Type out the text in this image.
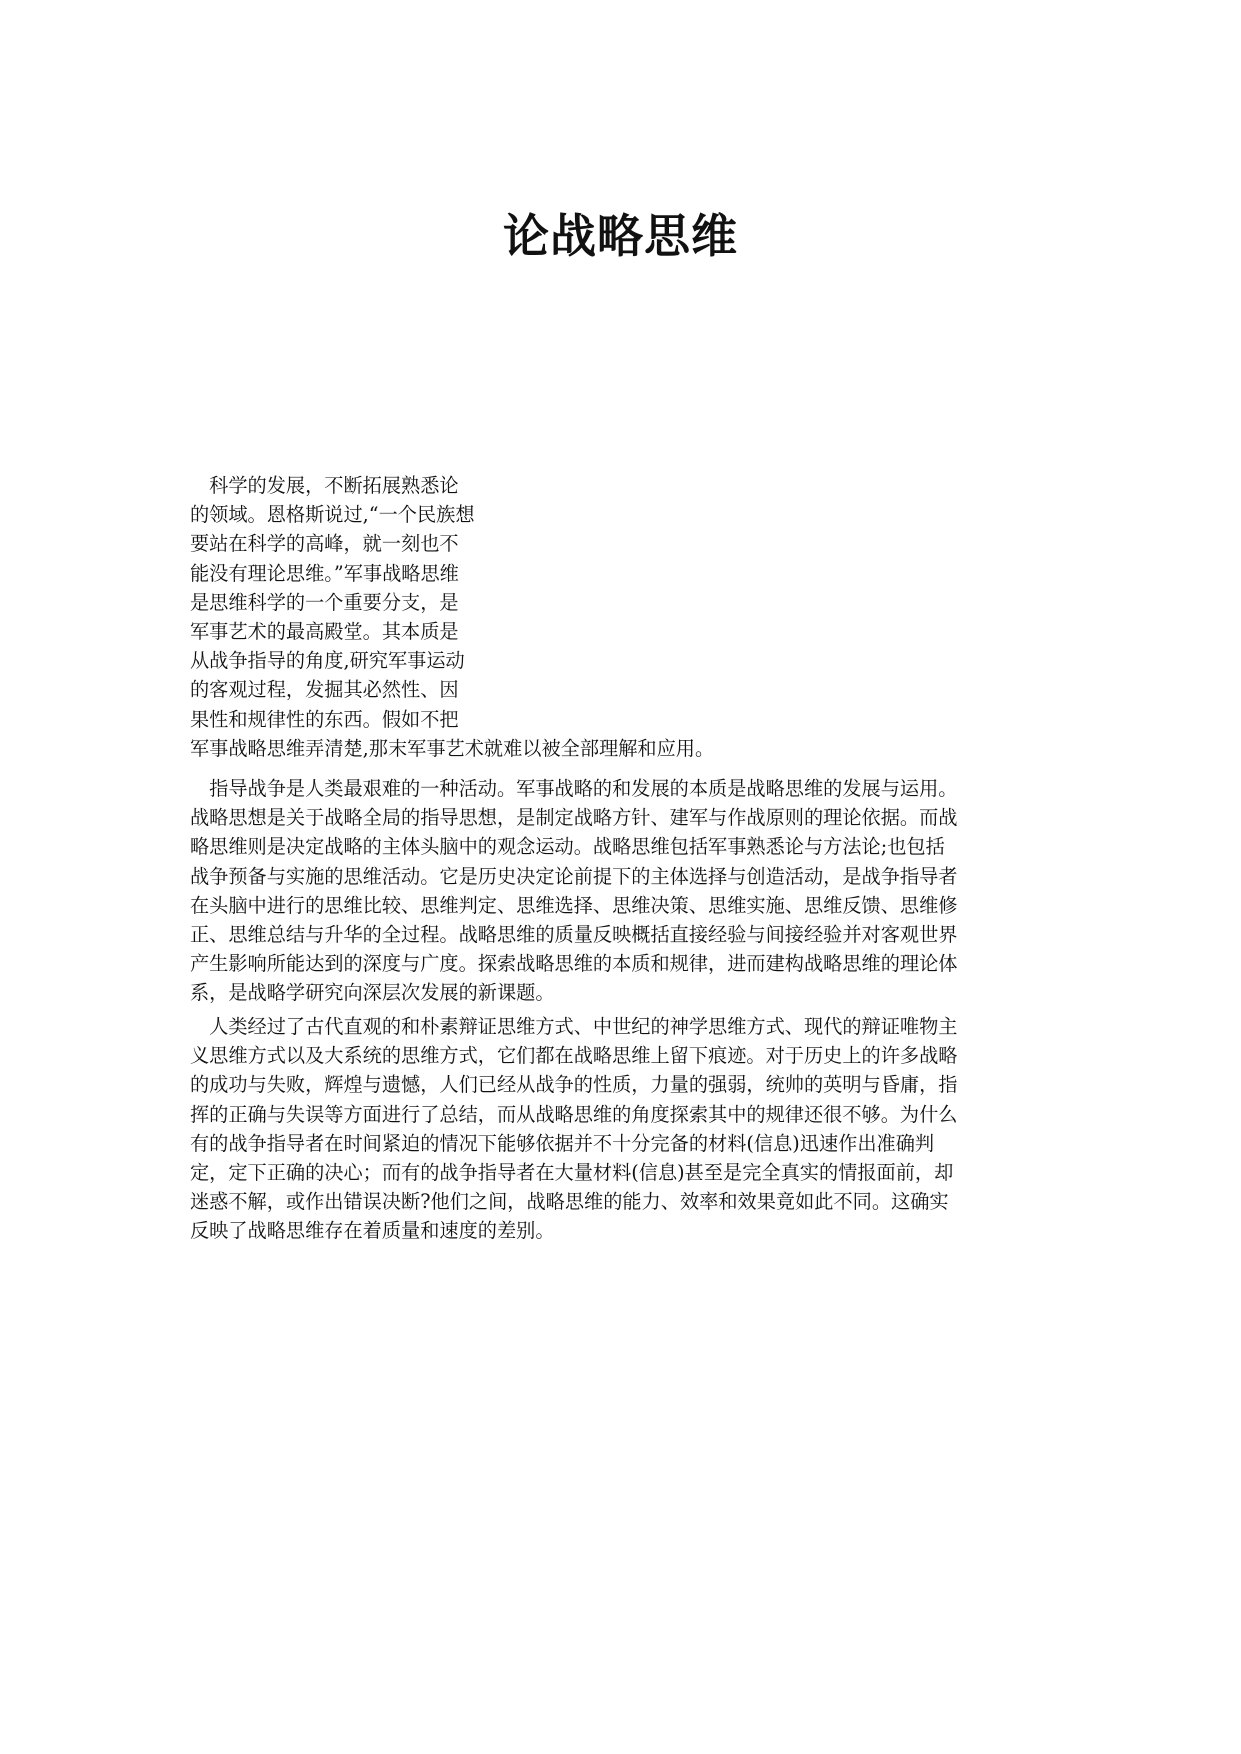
论战略思维
　科学的发展，不断拓展熟悉论
的领域。恩格斯说过,“一个民族想
要站在科学的高峰，就一刻也不
能没有理论思维。”军事战略思维
是思维科学的一个重要分支，是
军事艺术的最高殿堂。其本质是
从战争指导的角度,研究军事运动
的客观过程，发掘其必然性、因
果性和规律性的东西。假如不把
军事战略思维弄清楚,那末军事艺术就难以被全部理解和应用。
　指导战争是人类最艰难的一种活动。军事战略的和发展的本质是战略思维的发展与运用。
战略思想是关于战略全局的指导思想，是制定战略方针、建军与作战原则的理论依据。而战
略思维则是决定战略的主体头脑中的观念运动。战略思维包括军事熟悉论与方法论;也包括
战争预备与实施的思维活动。它是历史决定论前提下的主体选择与创造活动，是战争指导者
在头脑中进行的思维比较、思维判定、思维选择、思维决策、思维实施、思维反馈、思维修
正、思维总结与升华的全过程。战略思维的质量反映概括直接经验与间接经验并对客观世界
产生影响所能达到的深度与广度。探索战略思维的本质和规律，进而建构战略思维的理论体
系，是战略学研究向深层次发展的新课题。
　人类经过了古代直观的和朴素辩证思维方式、中世纪的神学思维方式、现代的辩证唯物主
义思维方式以及大系统的思维方式，它们都在战略思维上留下痕迹。对于历史上的许多战略
的成功与失败，辉煌与遗憾，人们已经从战争的性质，力量的强弱，统帅的英明与昏庸，指
挥的正确与失误等方面进行了总结，而从战略思维的角度探索其中的规律还很不够。为什么
有的战争指导者在时间紧迫的情况下能够依据并不十分完备的材料(信息)迅速作出准确判
定，定下正确的决心；而有的战争指导者在大量材料(信息)甚至是完全真实的情报面前，却
迷惑不解，或作出错误决断?他们之间，战略思维的能力、效率和效果竟如此不同。这确实
反映了战略思维存在着质量和速度的差别。
